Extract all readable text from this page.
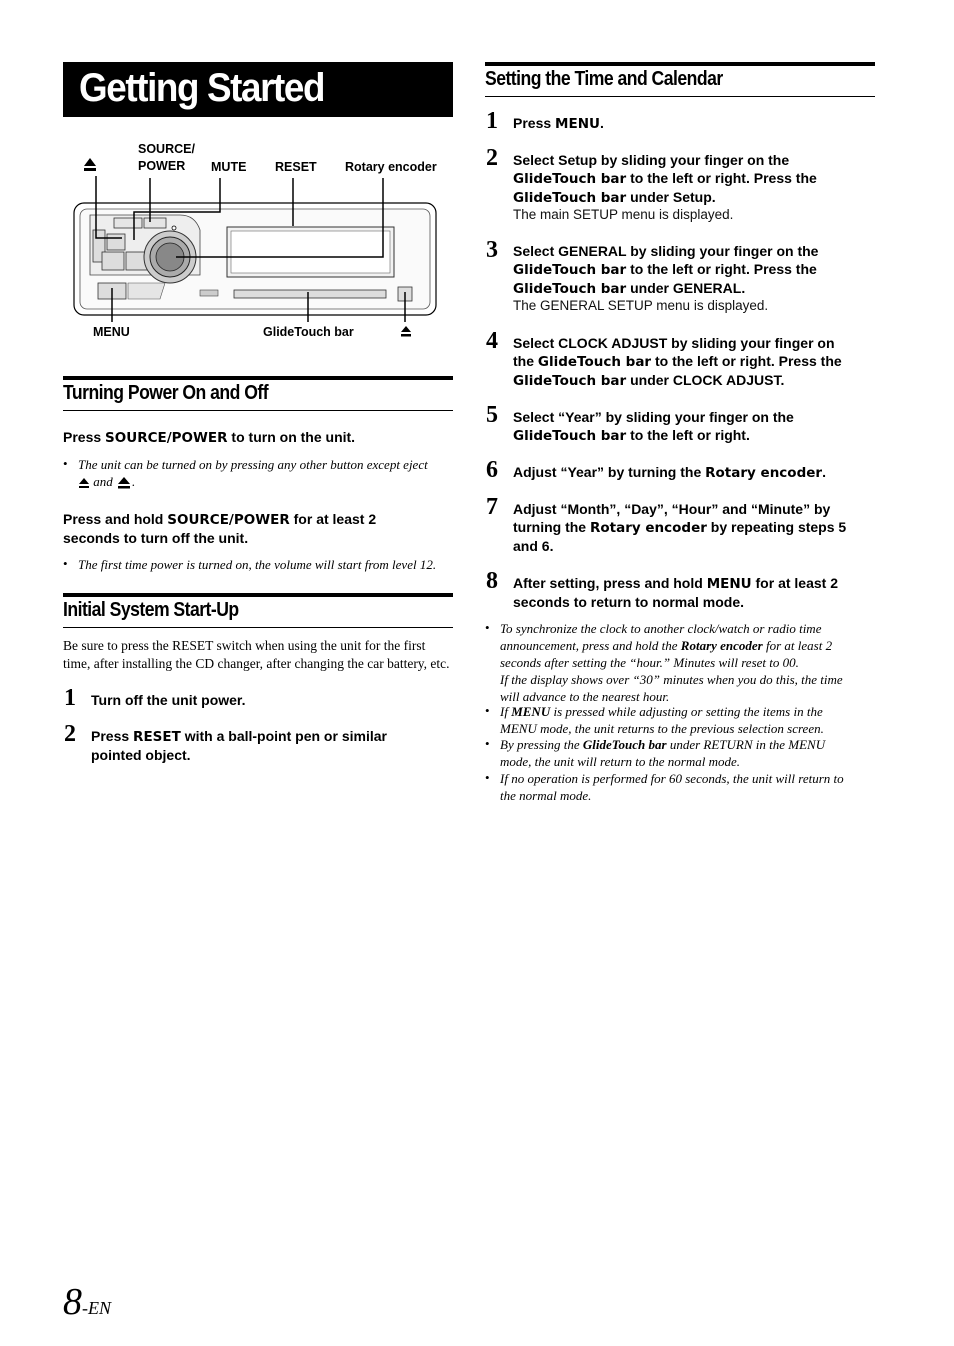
Getting Started
SOURCE/
POWER MUTE RESET Rotary encoder
MENU	GlideTouch bar
Turning Power On and Off
Press SOURCE/POWER to turn on the unit.
• The unit can be turned on by pressing any other button except eject
and .
Press and hold SOURCE/POWER for at least 2
seconds to turn off the unit.
• The first time power is turned on, the volume will start from level 12.
Initial System Start-Up
Be sure to press the RESET switch when using the unit for the first time, after installing the CD changer, after changing the car battery, etc.
1 Turn off the unit power.
2 Press RESET with a ball-point pen or similar
pointed object.
Setting the Time and Calendar
1 Press MENU.
2 Select Setup by sliding your finger on the
GlideTouch bar to the left or right. Press the
GlideTouch bar under Setup.
The main SETUP menu is displayed.
3 Select GENERAL by sliding your finger on the
GlideTouch bar to the left or right. Press the
GlideTouch bar under GENERAL.
The GENERAL SETUP menu is displayed.
4 Select CLOCK ADJUST by sliding your finger on
the GlideTouch bar to the left or right. Press the
GlideTouch bar under CLOCK ADJUST.
5 Select “Year” by sliding your finger on the
GlideTouch bar to the left or right.
6 Adjust “Year” by turning the Rotary encoder.
7 Adjust “Month”, “Day”, “Hour” and “Minute” by
turning the Rotary encoder by repeating steps 5
and 6.
8 After setting, press and hold MENU for at least 2
seconds to return to normal mode.
• To synchronize the clock to another clock/watch or radio time
announcement, press and hold the Rotary encoder for at least 2
seconds after setting the “hour.” Minutes will reset to 00.
If the display shows over “30” minutes when you do this, the time
will advance to the nearest hour.
• If MENU is pressed while adjusting or setting the items in the
MENU mode, the unit returns to the previous selection screen.
• By pressing the GlideTouch bar under RETURN in the MENU
mode, the unit will return to the normal mode.
• If no operation is performed for 60 seconds, the unit will return to
the normal mode.
8-EN
